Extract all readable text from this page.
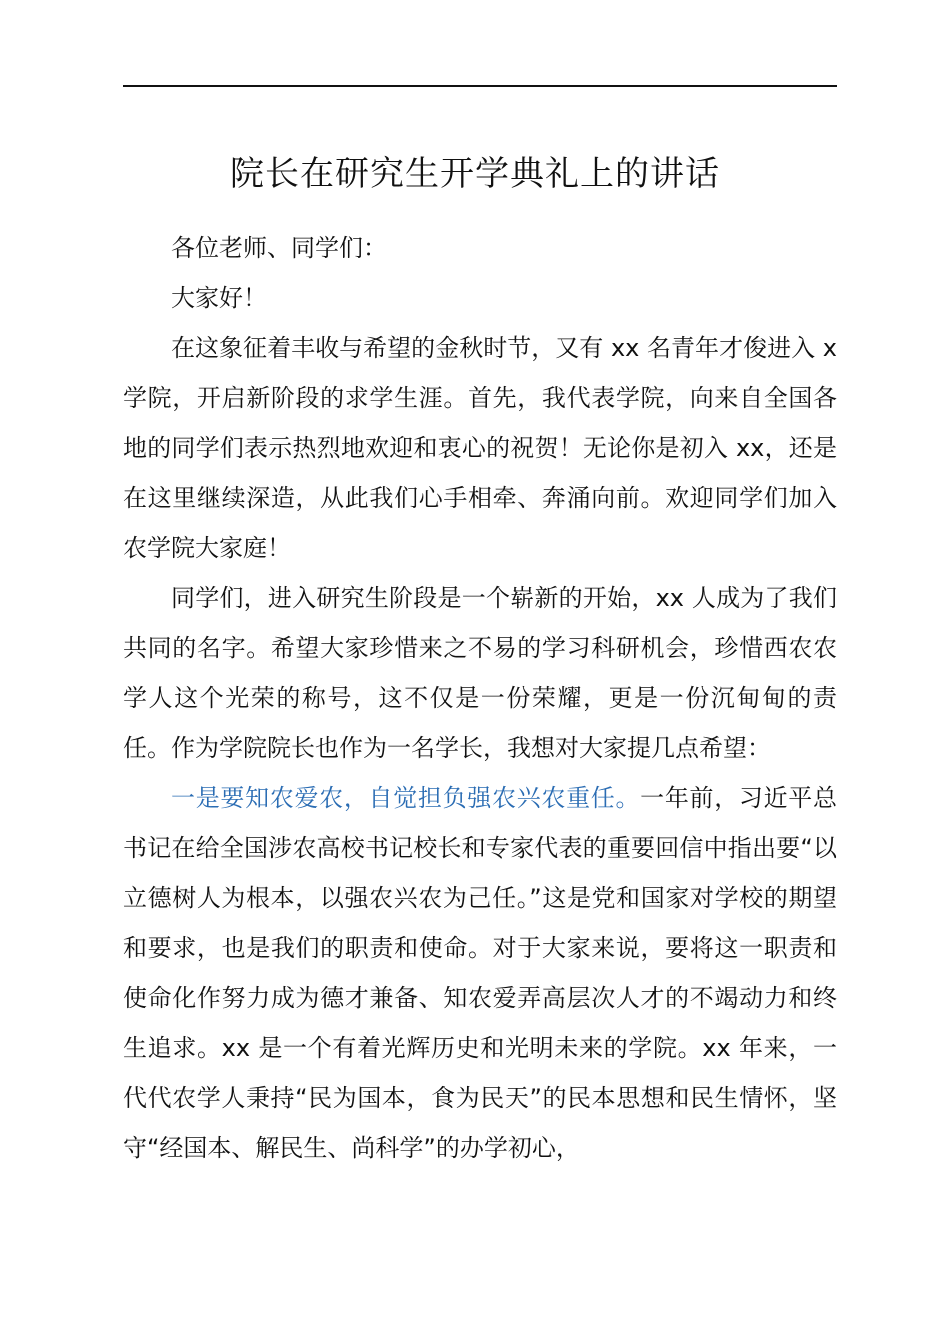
院长在研究生开学典礼上的讲话

各位老师、同学们：

大家好！

在这象征着丰收与希望的金秋时节，又有 xx 名青年才俊进入 x 学院，开启新阶段的求学生涯。首先，我代表学院，向来自全国各地的同学们表示热烈地欢迎和衷心的祝贺！无论你是初入 xx，还是在这里继续深造，从此我们心手相牵、奔涌向前。欢迎同学们加入农学院大家庭！

同学们，进入研究生阶段是一个崭新的开始，xx 人成为了我们共同的名字。希望大家珍惜来之不易的学习科研机会，珍惜西农农学人这个光荣的称号，这不仅是一份荣耀，更是一份沉甸甸的责任。作为学院院长也作为一名学长，我想对大家提几点希望：

一是要知农爱农，自觉担负强农兴农重任。一年前，习近平总书记在给全国涉农高校书记校长和专家代表的重要回信中指出要“以立德树人为根本，以强农兴农为己任。”这是党和国家对学校的期望和要求，也是我们的职责和使命。对于大家来说，要将这一职责和使命化作努力成为德才兼备、知农爱弄高层次人才的不竭动力和终生追求。xx 是一个有着光辉历史和光明未来的学院。xx 年来，一代代农学人秉持“民为国本，食为民天”的民本思想和民生情怀，坚守“经国本、解民生、尚科学”的办学初心，
